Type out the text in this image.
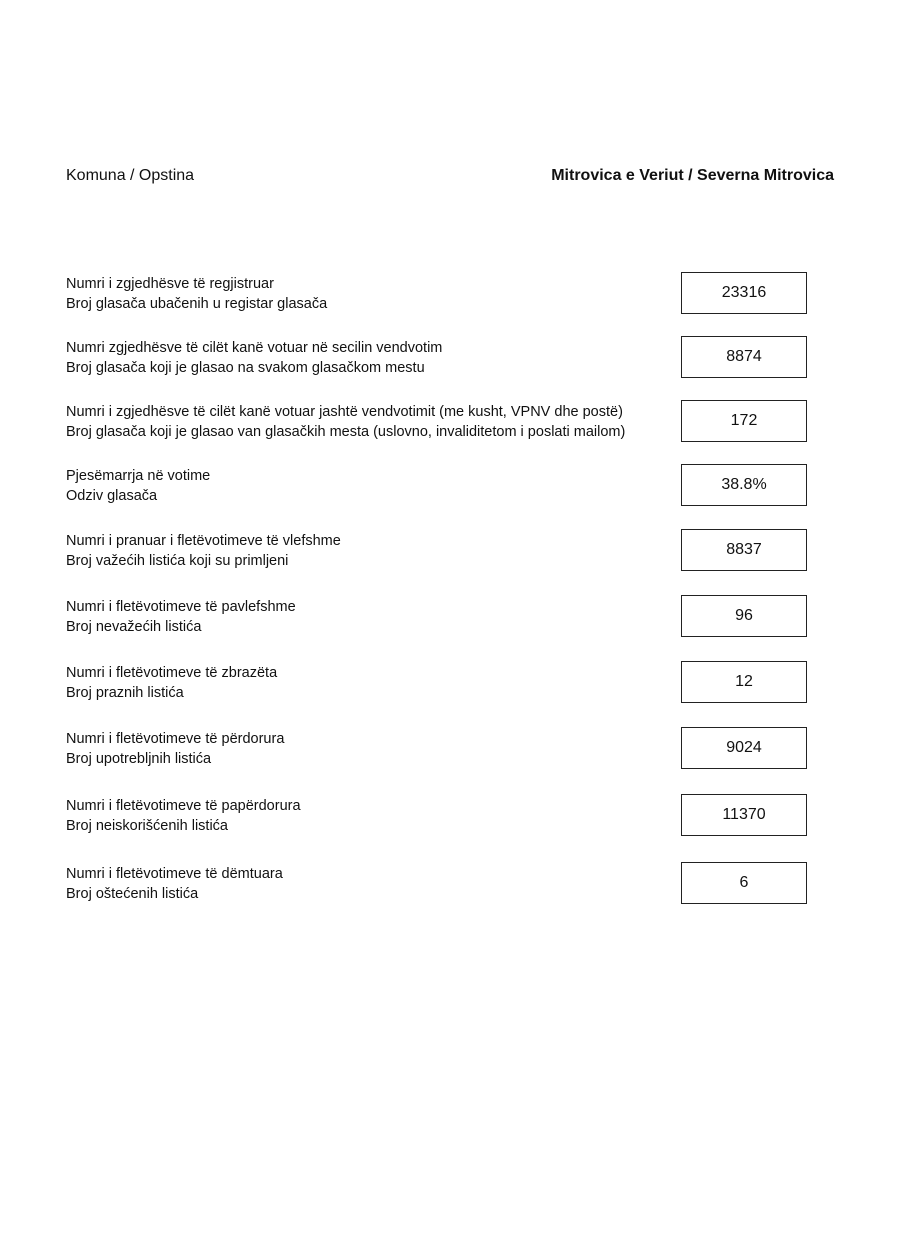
Komuna / Opstina	Mitrovica e Veriut / Severna Mitrovica
Numri i zgjedhësve të regjistruar
Broj glasača ubačenih u registar glasača
23316
Numri zgjedhësve të cilët kanë votuar në secilin vendvotim
Broj glasača koji je glasao na svakom glasačkom mestu
8874
Numri i zgjedhësve të cilët kanë votuar jashtë vendvotimit (me kusht, VPNV dhe postë)
Broj glasača koji je glasao van glasačkih mesta (uslovno, invaliditetom i poslati mailom)
172
Pjesëmarrja në votime
Odziv glasača
38.8%
Numri i pranuar i fletëvotimeve të vlefshme
Broj važećih listića koji su primljeni
8837
Numri i fletëvotimeve të pavlefshme
Broj nevažećih listića
96
Numri i fletëvotimeve të zbrazëta
Broj praznih listića
12
Numri i fletëvotimeve të përdorura
Broj upotrebljnih listića
9024
Numri i fletëvotimeve të papërdorura
Broj neiskorišćenih listića
11370
Numri i fletëvotimeve të dëmtuara
Broj oštećenih listića
6
